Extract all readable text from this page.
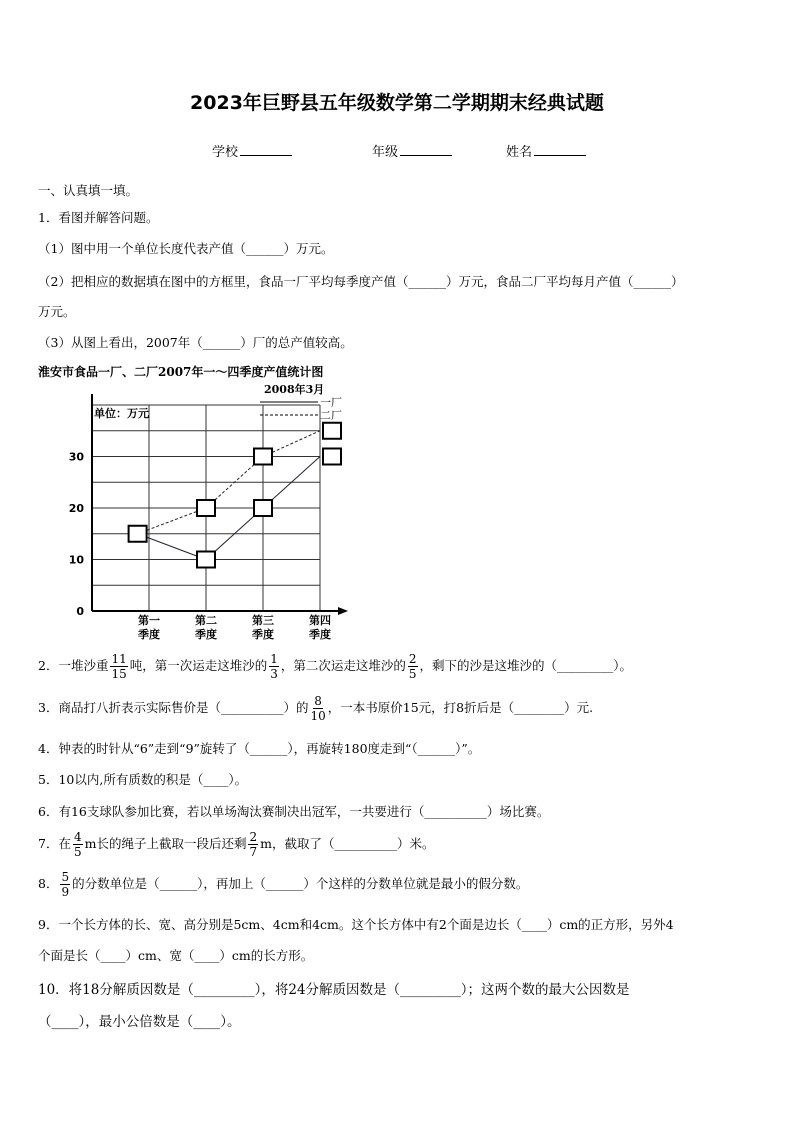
2023年巨野县五年级数学第二学期期末经典试题
学校	年级	姓名
一、认真填一填。
1．看图并解答问题。
（1）图中用一个单位长度代表产值（______）万元。
（2）把相应的数据填在图中的方框里，食品一厂平均每季度产值（______）万元，食品二厂平均每月产值（______）
万元。
（3）从图上看出，2007年（______）厂的总产值较高。
淮安市食品一厂、二厂2007年一～四季度产值统计图
2008年3月
单位：万元
0
10
20
30
第一
季度
第二
季度
第三
季度
第四
季度
一厂
二厂
2．一堆沙重 $\frac{11}{15}$ 吨，第一次运走这堆沙的 $\frac{1}{3}$ ，第二次运走这堆沙的 $\frac{2}{5}$ ，剩下的沙是这堆沙的（_________）。
3．商品打八折表示实际售价是（__________）的 $\frac{8}{10}$ ，一本书原价15元，打8折后是（________）元.
4．钟表的时针从“6”走到“9”旋转了（______），再旋转180度走到“（______）”。
5．10以内,所有质数的积是（____）。
6．有16支球队参加比赛，若以单场淘汰赛制决出冠军，一共要进行（__________）场比赛。
7．在 $\frac{4}{5}$ m长的绳子上截取一段后还剩 $\frac{2}{7}$ m，截取了（__________）米。
8． $\frac{5}{9}$ 的分数单位是（______），再加上（______）个这样的分数单位就是最小的假分数。
9．一个长方体的长、宽、高分别是5cm、4cm和4cm。这个长方体中有2个面是边长（____）cm的正方形，另外4
个面是长（____）cm、宽（____）cm的长方形。
10．将18分解质因数是（_________），将24分解质因数是（_________）；这两个数的最大公因数是
（____），最小公倍数是（____）。
